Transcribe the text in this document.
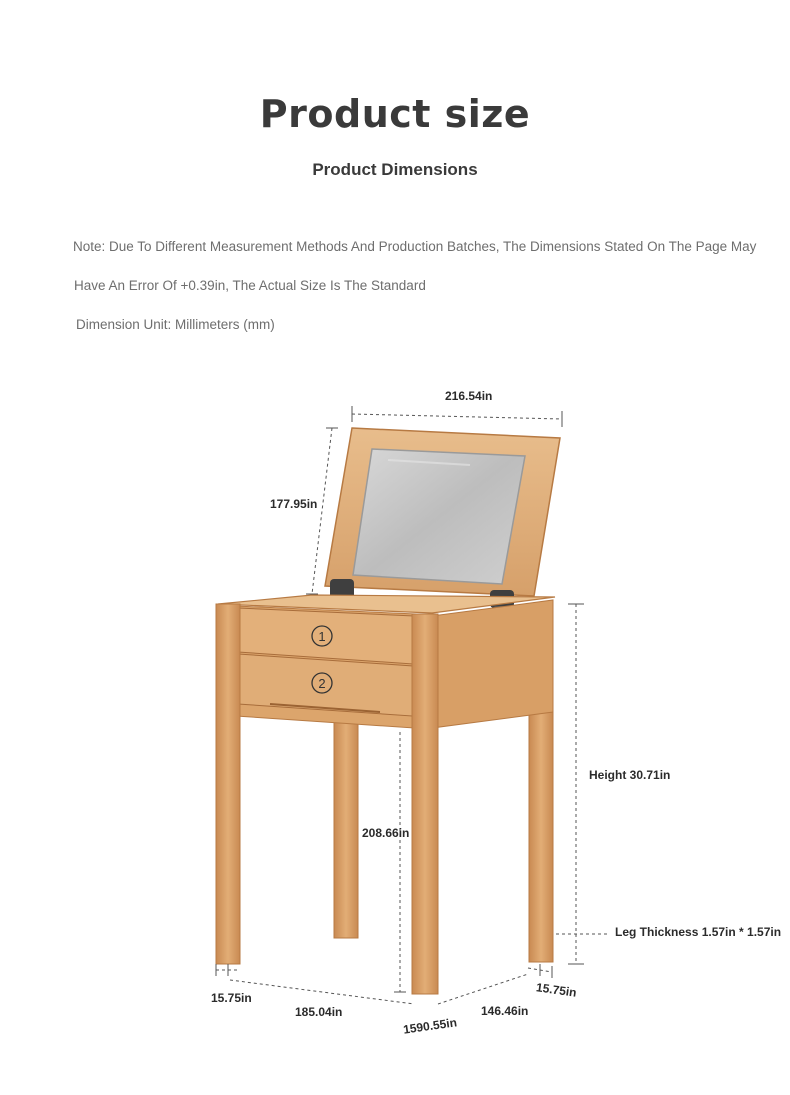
Product size
Product Dimensions
Note: Due To Different Measurement Methods And Production Batches, The Dimensions Stated On The Page May
Have An Error Of +0.39in, The Actual Size Is The Standard
Dimension Unit: Millimeters (mm)
1
2
216.54in
177.95in
208.66in
Height 30.71in
Leg Thickness 1.57in * 1.57in
15.75in	15.75in
185.04in	146.46in
1590.55in
